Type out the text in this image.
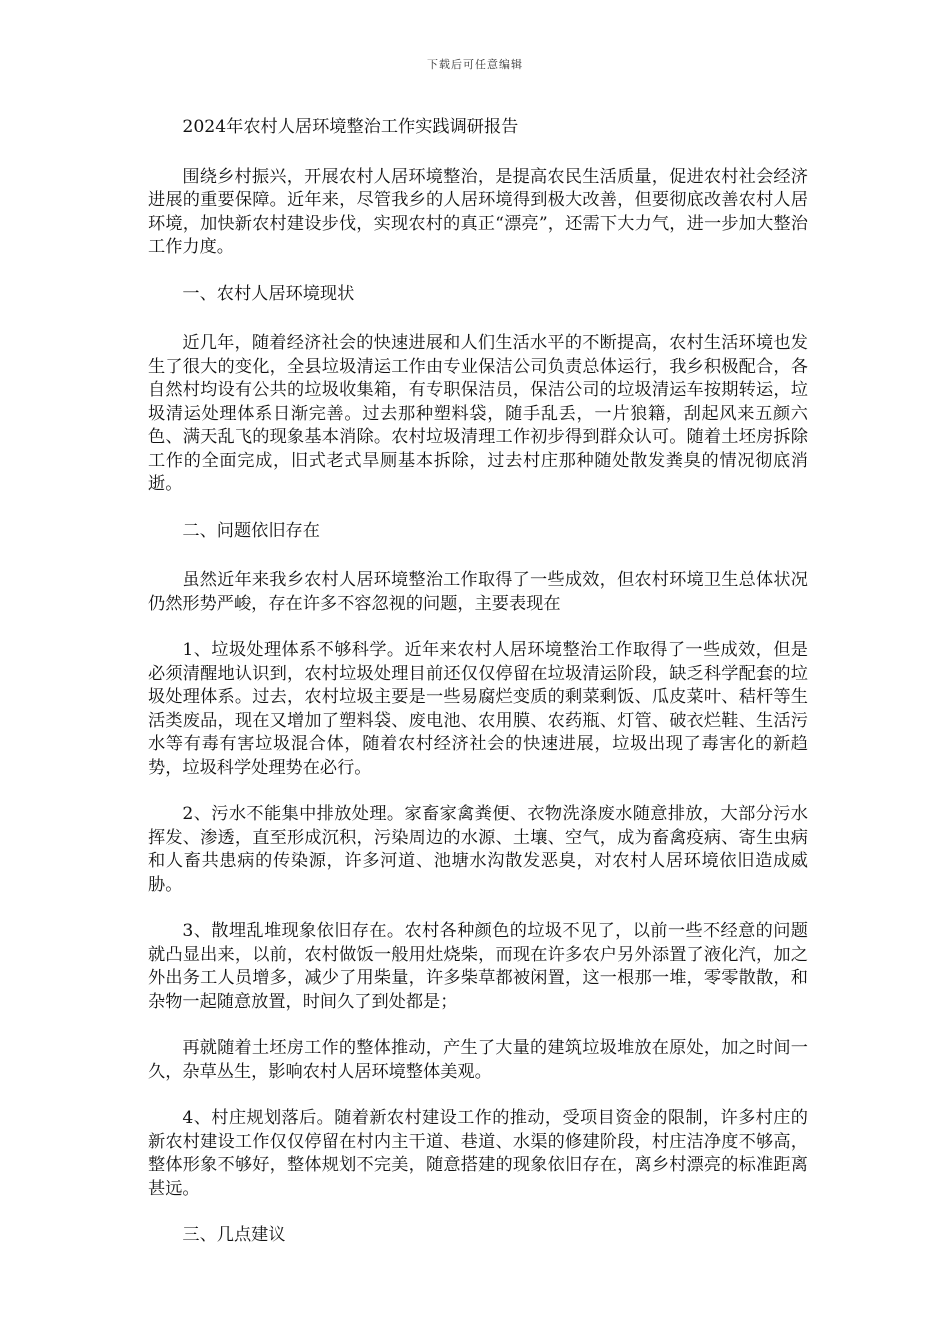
下载后可任意编辑

2024年农村人居环境整治工作实践调研报告

围绕乡村振兴，开展农村人居环境整治，是提高农民生活质量，促进农村社会经济进展的重要保障。近年来，尽管我乡的人居环境得到极大改善，但要彻底改善农村人居环境，加快新农村建设步伐，实现农村的真正“漂亮”，还需下大力气，进一步加大整治工作力度。

一、农村人居环境现状

近几年，随着经济社会的快速进展和人们生活水平的不断提高，农村生活环境也发生了很大的变化，全县垃圾清运工作由专业保洁公司负责总体运行，我乡积极配合，各自然村均设有公共的垃圾收集箱，有专职保洁员，保洁公司的垃圾清运车按期转运，垃圾清运处理体系日渐完善。过去那种塑料袋，随手乱丢，一片狼籍，刮起风来五颜六色、满天乱飞的现象基本消除。农村垃圾清理工作初步得到群众认可。随着土坯房拆除工作的全面完成，旧式老式旱厕基本拆除，过去村庄那种随处散发粪臭的情况彻底消逝。

二、问题依旧存在

虽然近年来我乡农村人居环境整治工作取得了一些成效，但农村环境卫生总体状况仍然形势严峻，存在许多不容忽视的问题，主要表现在

1、垃圾处理体系不够科学。近年来农村人居环境整治工作取得了一些成效，但是必须清醒地认识到，农村垃圾处理目前还仅仅停留在垃圾清运阶段，缺乏科学配套的垃圾处理体系。过去，农村垃圾主要是一些易腐烂变质的剩菜剩饭、瓜皮菜叶、秸杆等生活类废品，现在又增加了塑料袋、废电池、农用膜、农药瓶、灯管、破衣烂鞋、生活污水等有毒有害垃圾混合体，随着农村经济社会的快速进展，垃圾出现了毒害化的新趋势，垃圾科学处理势在必行。

2、污水不能集中排放处理。家畜家禽粪便、衣物洗涤废水随意排放，大部分污水挥发、渗透，直至形成沉积，污染周边的水源、土壤、空气，成为畜禽疫病、寄生虫病和人畜共患病的传染源，许多河道、池塘水沟散发恶臭，对农村人居环境依旧造成威胁。

3、散埋乱堆现象依旧存在。农村各种颜色的垃圾不见了，以前一些不经意的问题就凸显出来，以前，农村做饭一般用灶烧柴，而现在许多农户另外添置了液化汽，加之外出务工人员增多，减少了用柴量，许多柴草都被闲置，这一根那一堆，零零散散，和杂物一起随意放置，时间久了到处都是；

再就随着土坯房工作的整体推动，产生了大量的建筑垃圾堆放在原处，加之时间一久，杂草丛生，影响农村人居环境整体美观。

4、村庄规划落后。随着新农村建设工作的推动，受项目资金的限制，许多村庄的新农村建设工作仅仅停留在村内主干道、巷道、水渠的修建阶段，村庄洁净度不够高，整体形象不够好，整体规划不完美，随意搭建的现象依旧存在，离乡村漂亮的标准距离甚远。

三、几点建议
